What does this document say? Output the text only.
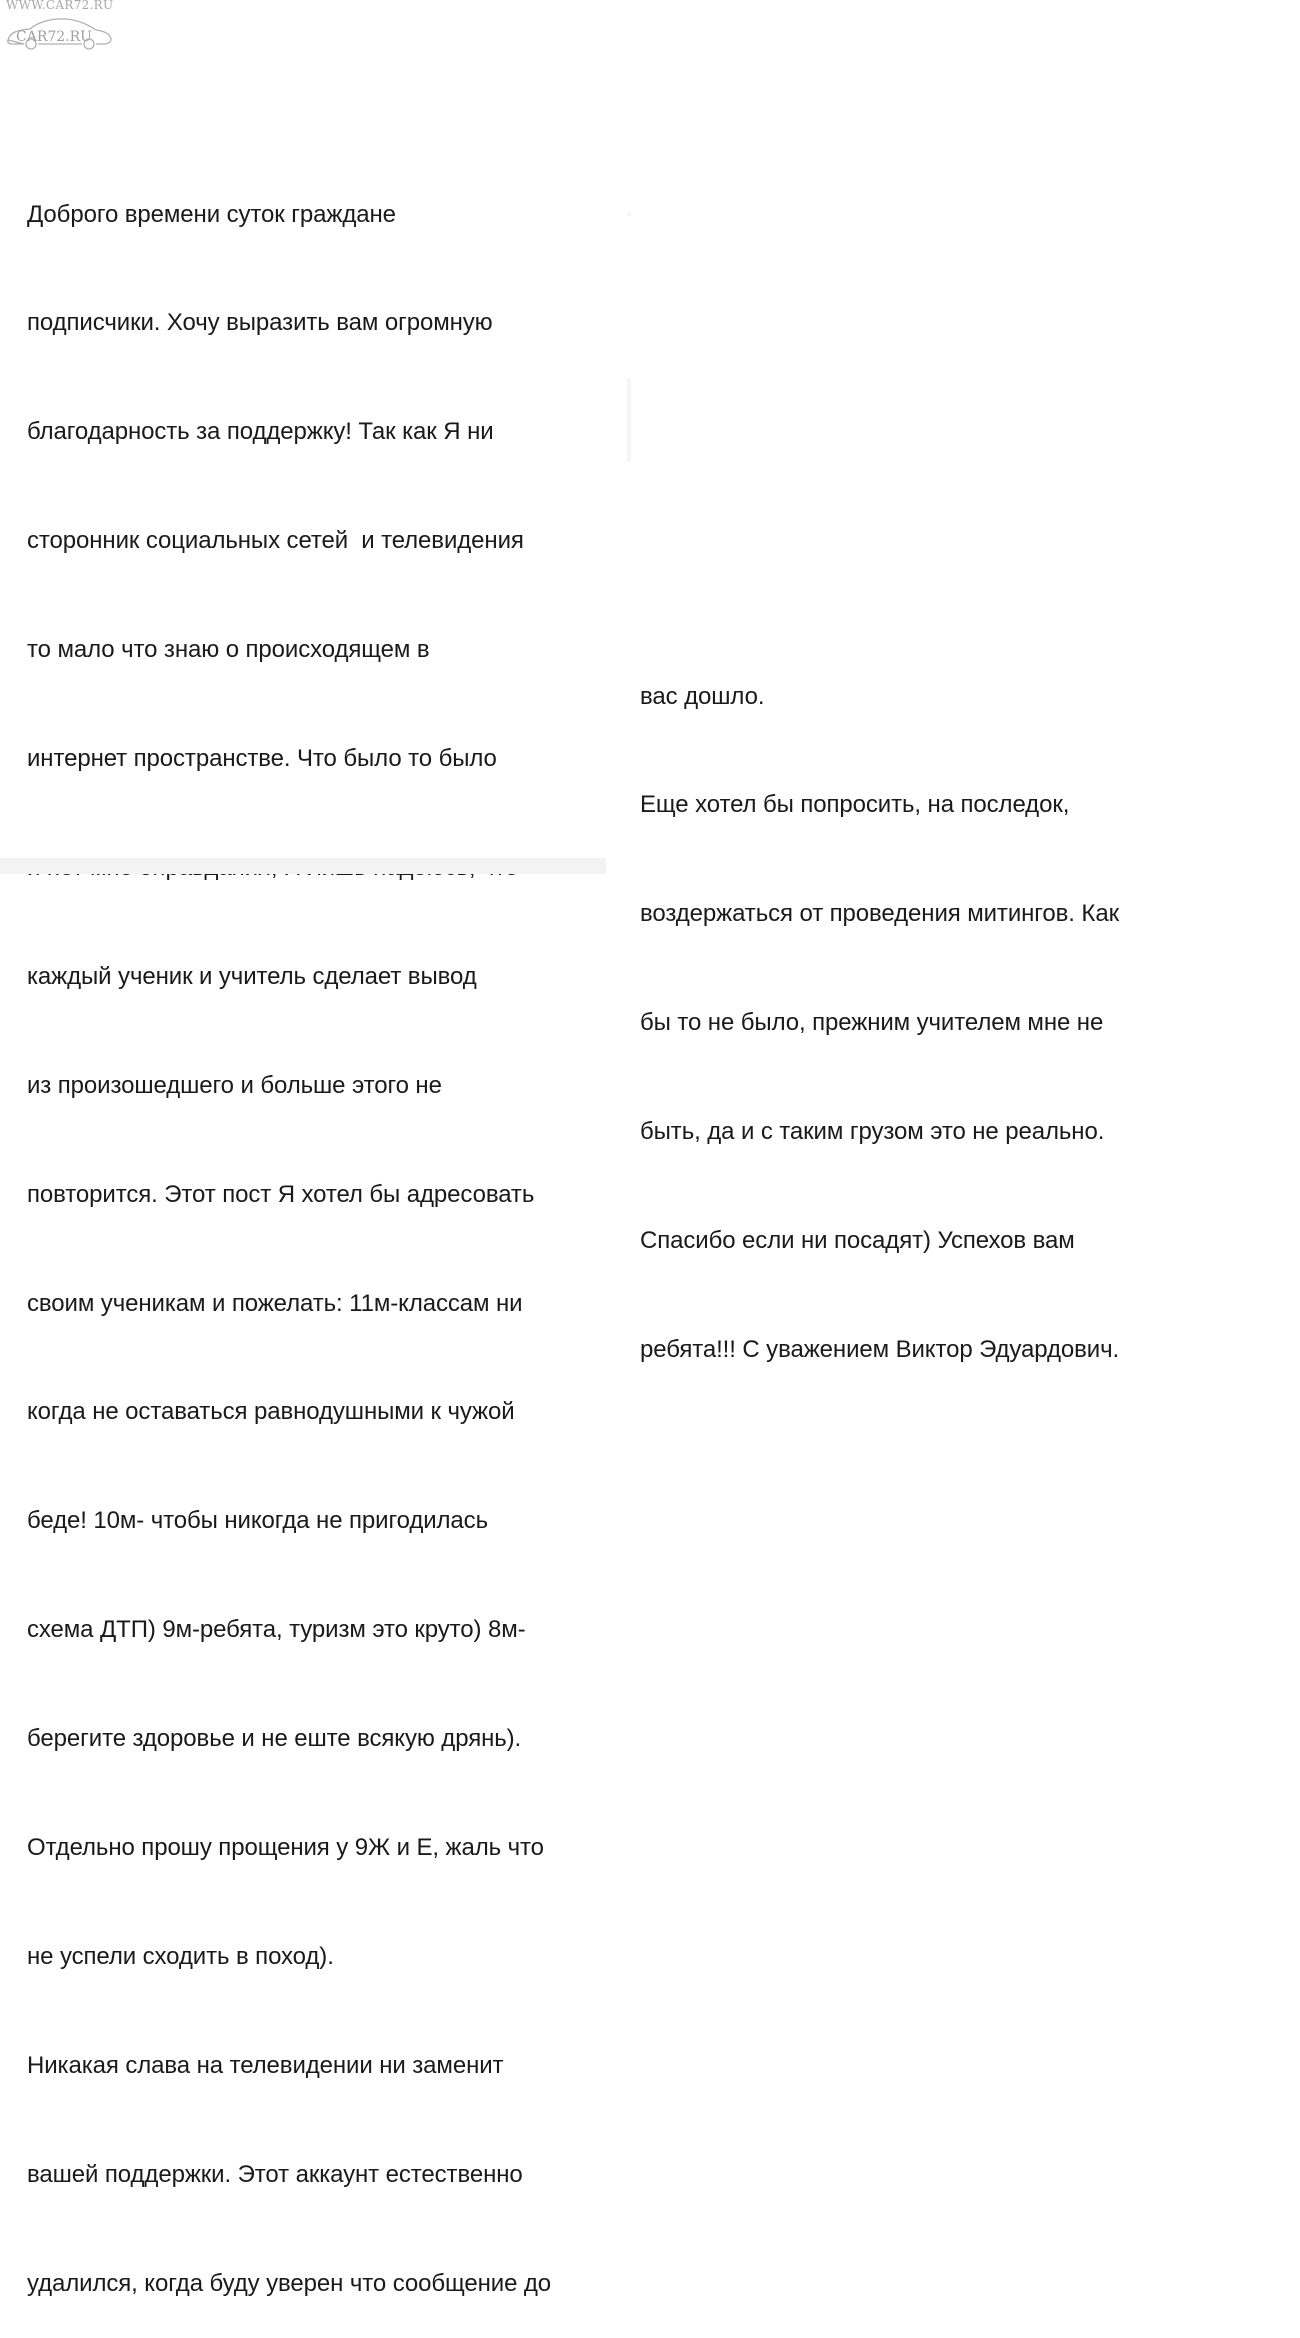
WWW.CAR72.RU
CAR72.RU

Доброго времени суток граждане

подписчики. Хочу выразить вам огромную

благодарность за поддержку! Так как Я ни

сторонник социальных сетей  и телевидения

то мало что знаю о происходящем в

интернет пространстве. Что было то было

каждый ученик и учитель сделает вывод

из произошедшего и больше этого не

повторится. Этот пост Я хотел бы адресовать

своим ученикам и пожелать: 11м-классам ни

когда не оставаться равнодушными к чужой

беде! 10м- чтобы никогда не пригодилась

схема ДТП) 9м-ребята, туризм это круто) 8м-

берегите здоровье и не еште всякую дрянь).

Отдельно прошу прощения у 9Ж и Е, жаль что

не успели сходить в поход).

Никакая слава на телевидении ни заменит

вашей поддержки. Этот аккаунт естественно

удалился, когда буду уверен что сообщение до

вас дошло.

Еще хотел бы попросить, на последок,

воздержаться от проведения митингов. Как

бы то не было, прежним учителем мне не

быть, да и с таким грузом это не реально.

Спасибо если ни посадят) Успехов вам

ребята!!! С уважением Виктор Эдуардович.
